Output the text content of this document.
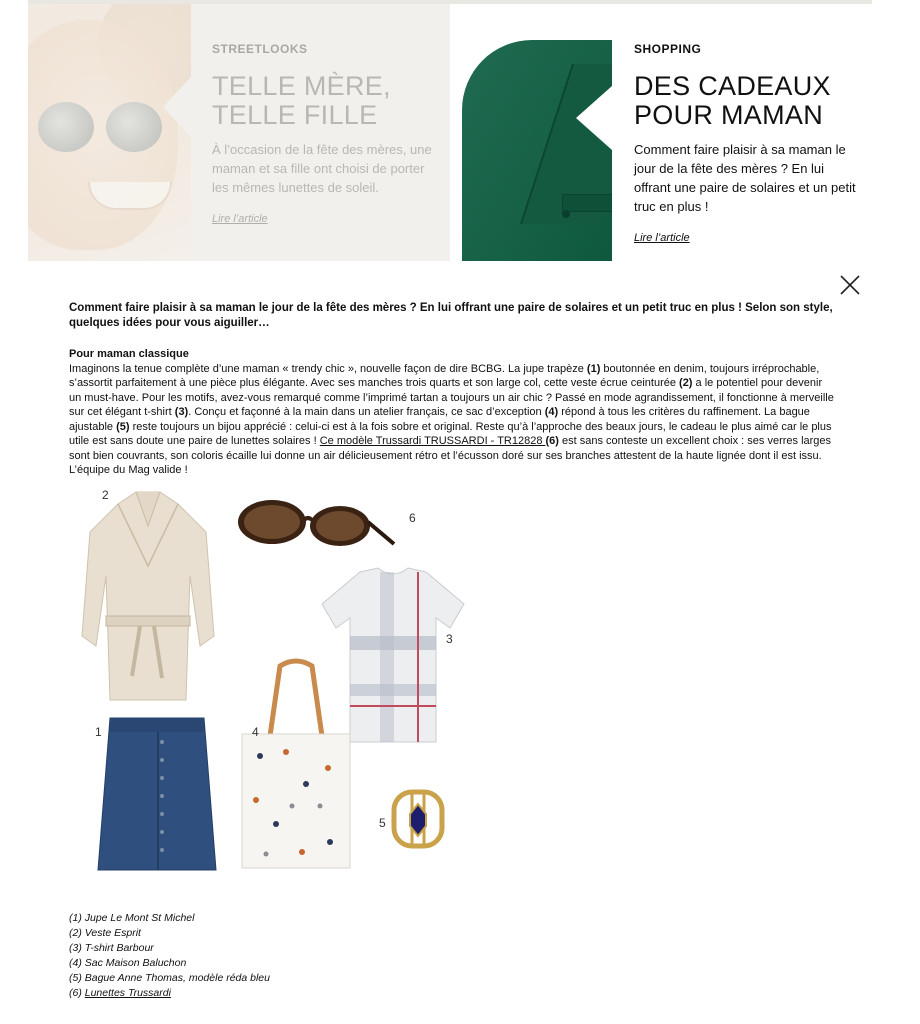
STREETLOOKS
TELLE MÈRE,
TELLE FILLE
À l’occasion de la fête des mères, une maman et sa fille ont choisi de porter les mêmes lunettes de soleil.
Lire l’article
SHOPPING
DES CADEAUX
POUR MAMAN
Comment faire plaisir à sa maman le jour de la fête des mères ? En lui offrant une paire de solaires et un petit truc en plus !
Lire l’article

Comment faire plaisir à sa maman le jour de la fête des mères ? En lui offrant une paire de solaires et un petit truc en plus ! Selon son style, quelques idées pour vous aiguiller…

Pour maman classique

Imaginons la tenue complète d’une maman « trendy chic », nouvelle façon de dire BCBG. La jupe trapèze (1) boutonnée en denim, toujours irréprochable, s’assortit parfaitement à une pièce plus élégante. Avec ses manches trois quarts et son large col, cette veste écrue ceinturée (2) a le potentiel pour devenir un must-have. Pour les motifs, avez-vous remarqué comme l’imprimé tartan a toujours un air chic ? Passé en mode agrandissement, il fonctionne à merveille sur cet élégant t-shirt (3). Conçu et façonné à la main dans un atelier français, ce sac d’exception (4) répond à tous les critères du raffinement. La bague ajustable (5) reste toujours un bijou apprécié : celui-ci est à la fois sobre et original. Reste qu’à l’approche des beaux jours, le cadeau le plus aimé car le plus utile est sans doute une paire de lunettes solaires ! Ce modèle Trussardi TRUSSARDI - TR12828 (6) est sans conteste un excellent choix : ses verres larges sont bien couvrants, son coloris écaille lui donne un air délicieusement rétro et l’écusson doré sur ses branches attestent de la haute lignée dont il est issu. L’équipe du Mag valide !

2
6
3
1	4
5
(1) Jupe Le Mont St Michel
(2) Veste Esprit
(3) T-shirt Barbour
(4) Sac Maison Baluchon
(5) Bague Anne Thomas, modèle réda bleu
(6) Lunettes Trussardi
